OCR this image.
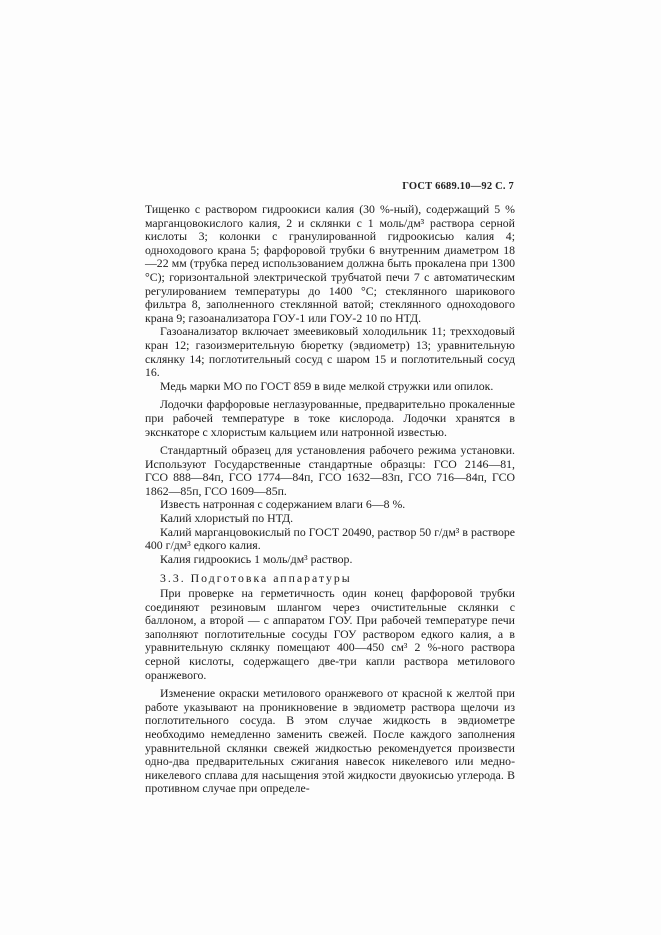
ГОСТ 6689.10—92 С. 7

Тищенко с раствором гидроокиси калия (30 %-ный), содержащий 5 % марганцовокислого калия, 2 и склянки с 1 моль/дм³ раствора серной кислоты 3; колонки с гранулированной гидроокисью калия 4; одноходового крана 5; фарфоровой трубки 6 внутренним диаметром 18—22 мм (трубка перед использованием должна быть прокалена при 1300 °С); горизонтальной электрической трубчатой печи 7 с автоматическим регулированием температуры до 1400 °С; стеклянного шарикового фильтра 8, заполненного стеклянной ватой; стеклянного одноходового крана 9; газоанализатора ГОУ-1 или ГОУ-2 10 по НТД.

Газоанализатор включает змеевиковый холодильник 11; трехходовый кран 12; газоизмерительную бюретку (эвдиометр) 13; уравнительную склянку 14; поглотительный сосуд с шаром 15 и поглотительный сосуд 16.

Медь марки МО по ГОСТ 859 в виде мелкой стружки или опилок.

Лодочки фарфоровые неглазурованные, предварительно прокаленные при рабочей температуре в токе кислорода. Лодочки хранятся в экснкаторе с хлористым кальцием или натронной известью.

Стандартный образец для установления рабочего режима установки. Используют Государственные стандартные образцы: ГСО 2146—81, ГСО 888—84п, ГСО 1774—84п, ГСО 1632—83п, ГСО 716—84п, ГСО 1862—85п, ГСО 1609—85п.

Известь натронная с содержанием влаги 6—8 %.

Калий хлористый по НТД.

Калий марганцовокислый по ГОСТ 20490, раствор 50 г/дм³ в растворе 400 г/дм³ едкого калия.

Калия гидроокись 1 моль/дм³ раствор.

3.3. Подготовка аппаратуры

При проверке на герметичность один конец фарфоровой трубки соединяют резиновым шлангом через очистительные склянки с баллоном, а второй — с аппаратом ГОУ. При рабочей температуре печи заполняют поглотительные сосуды ГОУ раствором едкого калия, а в уравнительную склянку помещают 400—450 см³ 2 %-ного раствора серной кислоты, содержащего две-три капли раствора метилового оранжевого.

Изменение окраски метилового оранжевого от красной к желтой при работе указывают на проникновение в эвдиометр раствора щелочи из поглотительного сосуда. В этом случае жидкость в эвдиометре необходимо немедленно заменить свежей. После каждого заполнения уравнительной склянки свежей жидкостью рекомендуется произвести одно-два предварительных сжигания навесок никелевого или медно-никелевого сплава для насыщения этой жидкости двуокисью углерода. В противном случае при определе-
